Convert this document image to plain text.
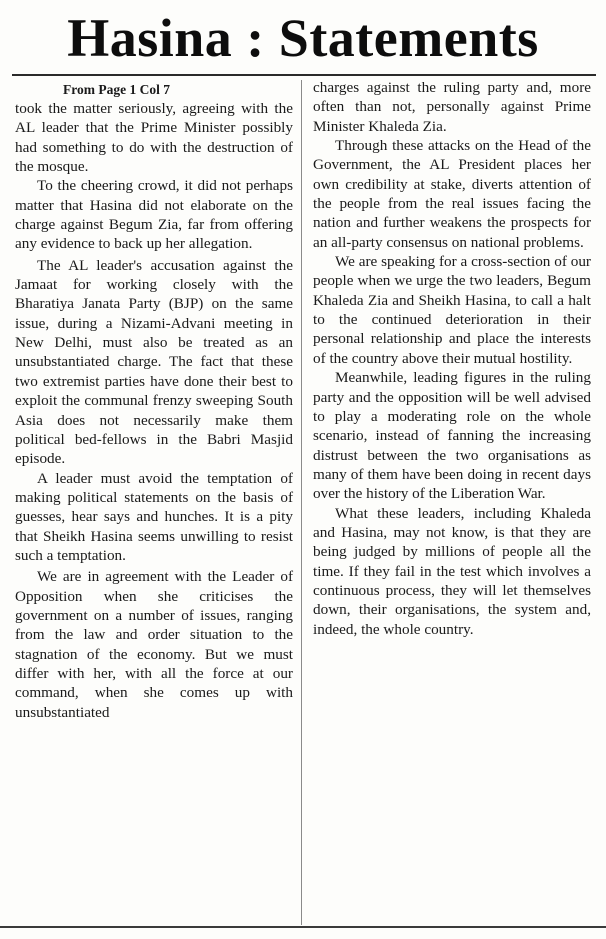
Hasina : Statements
From Page 1 Col 7

took the matter seriously, agreeing with the AL leader that the Prime Minister possibly had something to do with the destruction of the mosque.

To the cheering crowd, it did not perhaps matter that Hasina did not elaborate on the charge against Begum Zia, far from offering any evidence to back up her allegation.

The AL leader's accusation against the Jamaat for working closely with the Bharatiya Janata Party (BJP) on the same issue, during a Nizami-Advani meeting in New Delhi, must also be treated as an unsubstantiated charge. The fact that these two extremist parties have done their best to exploit the communal frenzy sweeping South Asia does not necessarily make them political bed-fellows in the Babri Masjid episode.

A leader must avoid the temptation of making political statements on the basis of guesses, hear says and hunches. It is a pity that Sheikh Hasina seems unwilling to resist such a temptation.

We are in agreement with the Leader of Opposition when she criticises the government on a number of issues, ranging from the law and order situation to the stagnation of the economy. But we must differ with her, with all the force at our command, when she comes up with unsubstantiated

charges against the ruling party and, more often than not, personally against Prime Minister Khaleda Zia.

Through these attacks on the Head of the Government, the AL President places her own credibility at stake, diverts attention of the people from the real issues facing the nation and further weakens the prospects for an all-party consensus on national problems.

We are speaking for a cross-section of our people when we urge the two leaders, Begum Khaleda Zia and Sheikh Hasina, to call a halt to the continued deterioration in their personal relationship and place the interests of the country above their mutual hostility.

Meanwhile, leading figures in the ruling party and the opposition will be well advised to play a moderating role on the whole scenario, instead of fanning the increasing distrust between the two organisations as many of them have been doing in recent days over the history of the Liberation War.

What these leaders, including Khaleda and Hasina, may not know, is that they are being judged by millions of people all the time. If they fail in the test which involves a continuous process, they will let themselves down, their organisations, the system and, indeed, the whole country.
